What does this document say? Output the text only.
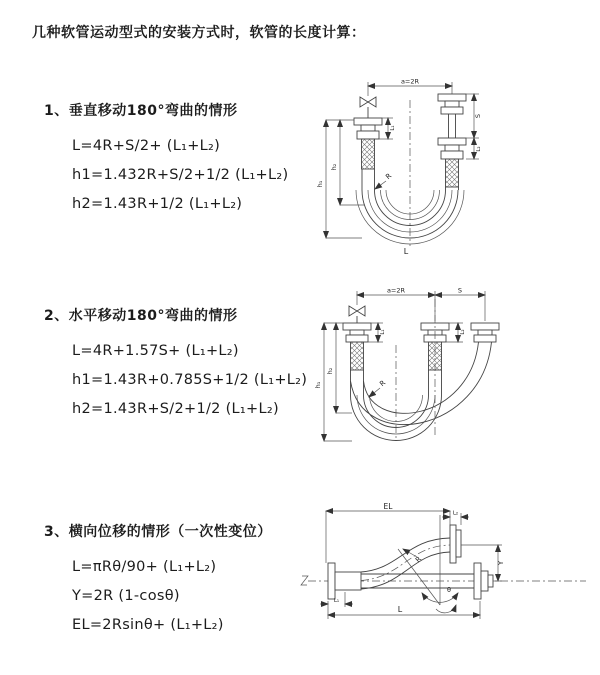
几种软管运动型式的安装方式时，软管的长度计算：
1、垂直移动180°弯曲的情形
L=4R+S/2+ (L₁+L₂)
h1=1.432R+S/2+1/2 (L₁+L₂)
h2=1.43R+1/2 (L₁+L₂)
2、水平移动180°弯曲的情形
L=4R+1.57S+ (L₁+L₂)
h1=1.43R+0.785S+1/2 (L₁+L₂)
h2=1.43R+S/2+1/2 (L₁+L₂)
3、横向位移的情形（一次性变位）
L=πRθ/90+ (L₁+L₂)
Y=2R (1-cosθ)
EL=2Rsinθ+ (L₁+L₂)
a=2R
L
h₁
h₂
L₁
S
L₂
R
a=2R	S
h₁
h₂
L₁	L₂
R
EL
L₂
Y
θ
R
L
L₁
